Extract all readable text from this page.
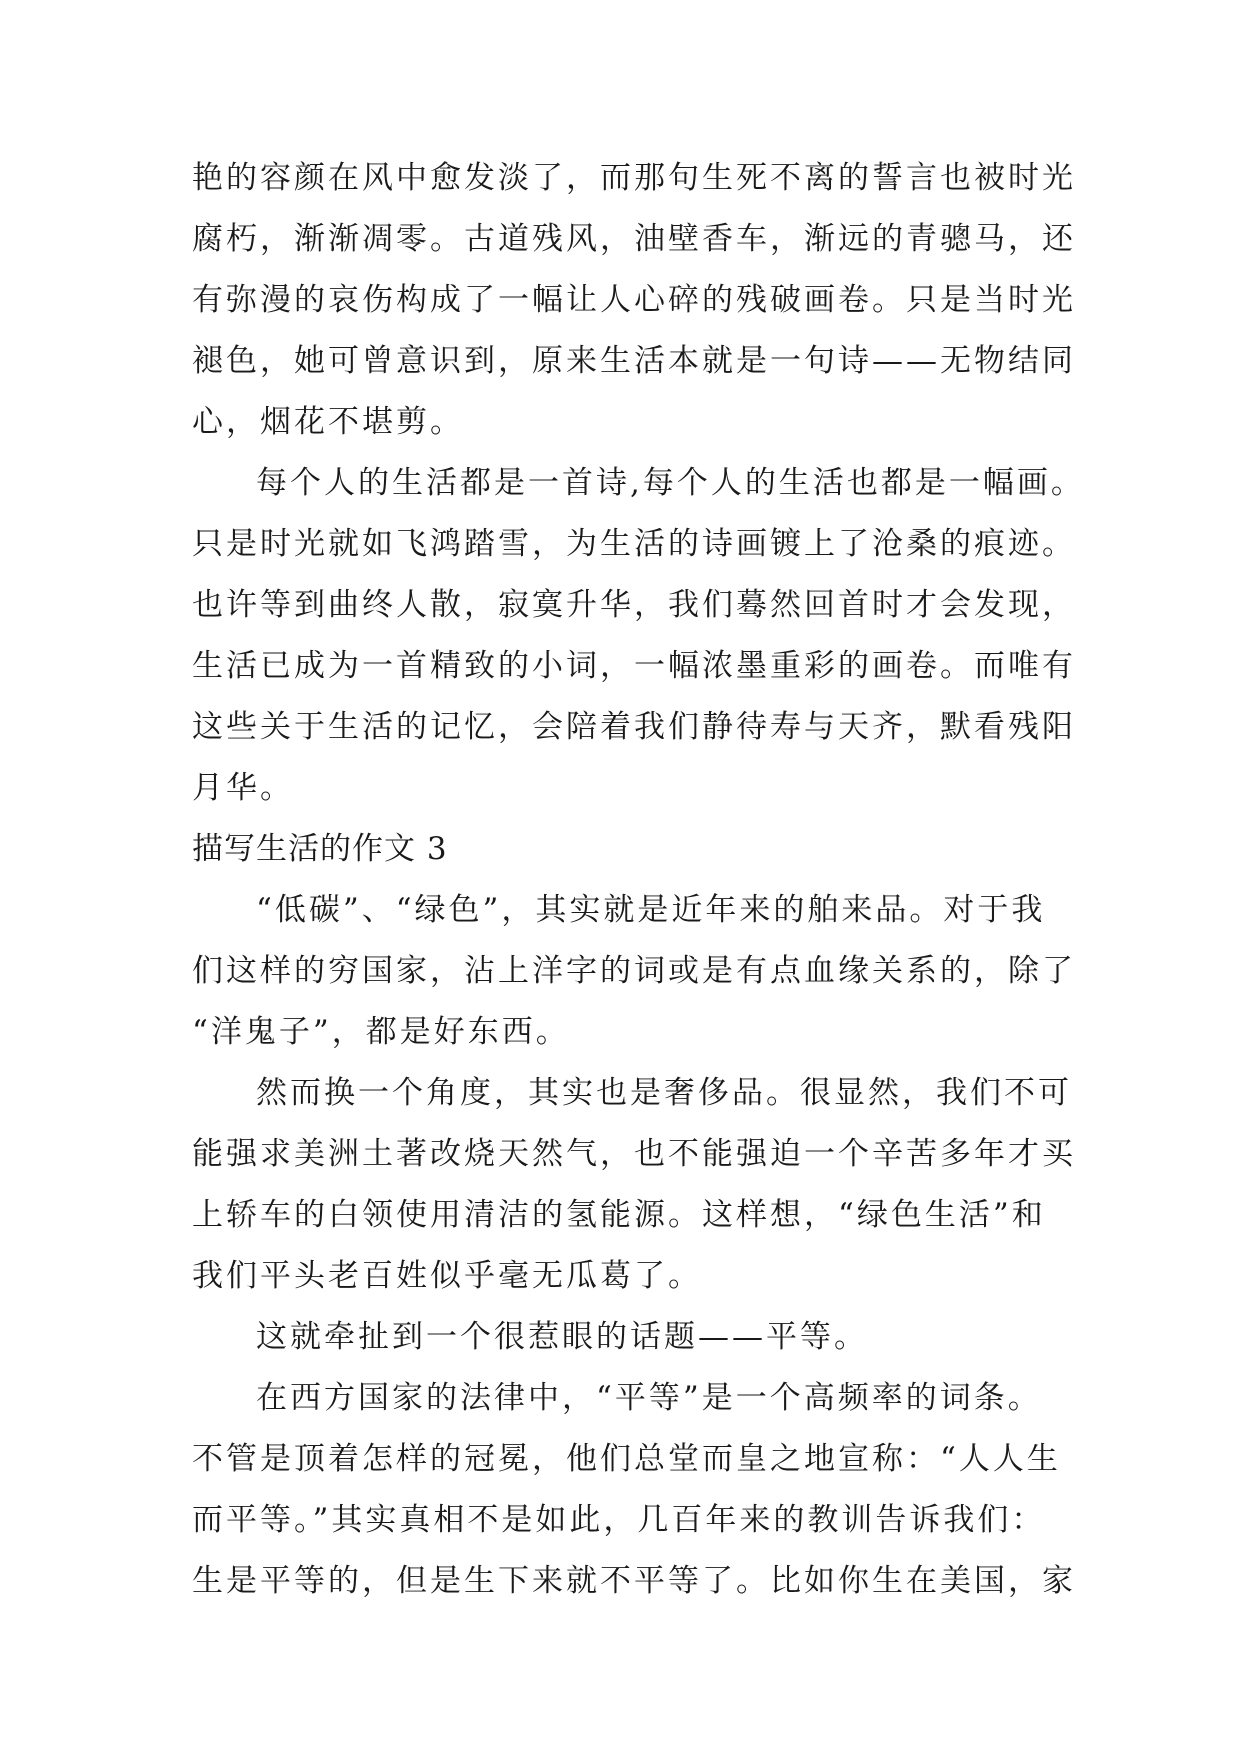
艳的容颜在风中愈发淡了，而那句生死不离的誓言也被时光
腐朽，渐渐凋零。古道残风，油壁香车，渐远的青骢马，还
有弥漫的哀伤构成了一幅让人心碎的残破画卷。只是当时光
褪色，她可曾意识到，原来生活本就是一句诗——无物结同
心，烟花不堪剪。
每个人的生活都是一首诗,每个人的生活也都是一幅画。
只是时光就如飞鸿踏雪，为生活的诗画镀上了沧桑的痕迹。
也许等到曲终人散，寂寞升华，我们蓦然回首时才会发现，
生活已成为一首精致的小词，一幅浓墨重彩的画卷。而唯有
这些关于生活的记忆，会陪着我们静待寿与天齐，默看残阳
月华。
描写生活的作文 3
“低碳”、“绿色”，其实就是近年来的舶来品。对于我
们这样的穷国家，沾上洋字的词或是有点血缘关系的，除了
“洋鬼子”，都是好东西。
然而换一个角度，其实也是奢侈品。很显然，我们不可
能强求美洲土著改烧天然气，也不能强迫一个辛苦多年才买
上轿车的白领使用清洁的氢能源。这样想，“绿色生活”和
我们平头老百姓似乎毫无瓜葛了。
这就牵扯到一个很惹眼的话题——平等。
在西方国家的法律中，“平等”是一个高频率的词条。
不管是顶着怎样的冠冕，他们总堂而皇之地宣称：“人人生
而平等。”其实真相不是如此，几百年来的教训告诉我们：
生是平等的，但是生下来就不平等了。比如你生在美国，家
